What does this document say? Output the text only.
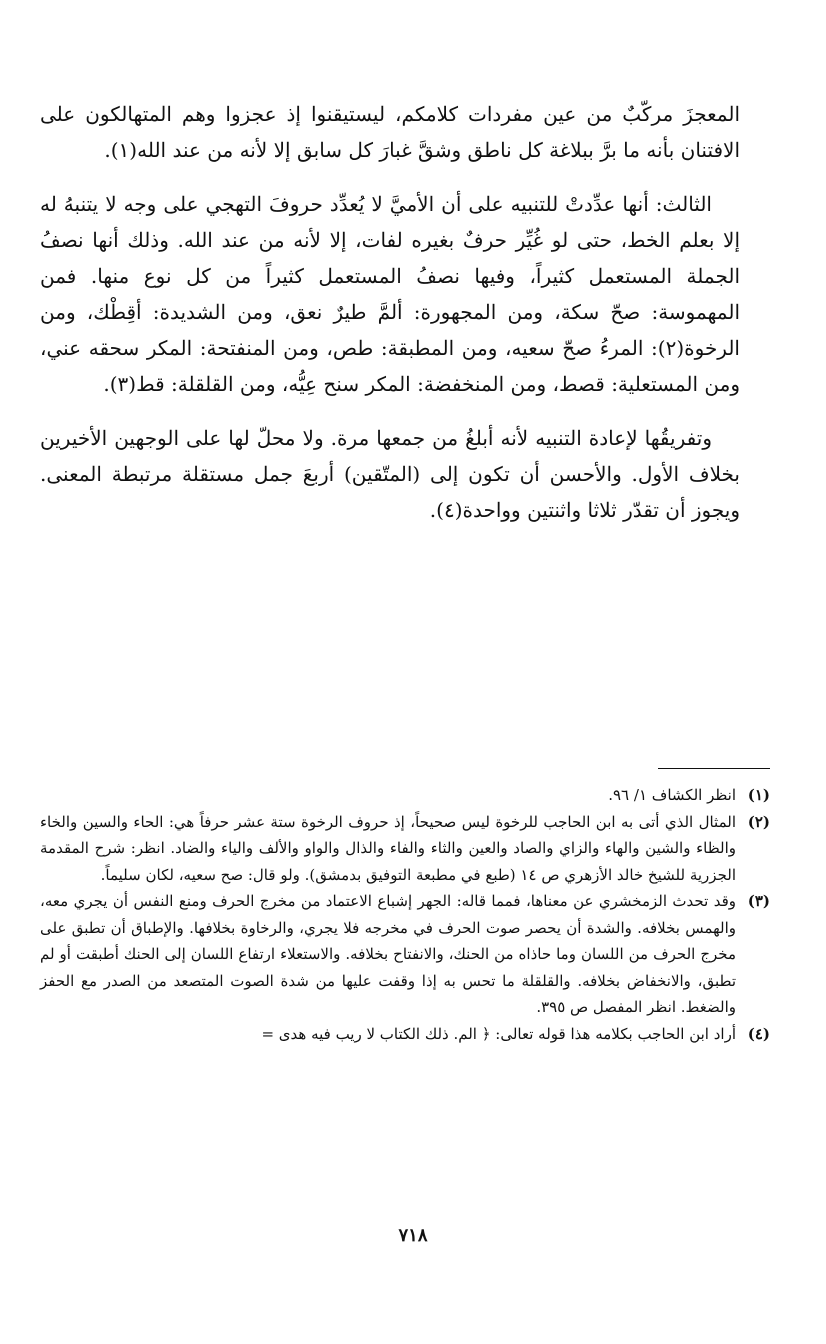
المعجزَ مركّبٌ من عين مفردات كلامكم، ليستيقنوا إذ عجزوا وهم المتهالكون على الافتنان بأنه ما برَّ ببلاغة كل ناطق وشقَّ غبارَ كل سابق إلا لأنه من عند الله(١).

الثالث: أنها عدِّدتْ للتنبيه على أن الأميَّ لا يُعدِّد حروفَ التهجي على وجه لا يتنبهُ له إلا بعلم الخط، حتى لو غُيِّر حرفٌ بغيره لفات، إلا لأنه من عند الله. وذلك أنها نصفُ الجملة المستعمل كثيراً، وفيها نصفُ المستعمل كثيراً من كل نوع منها. فمن المهموسة: صحّ سكة، ومن المجهورة: ألمَّ طيرٌ نعق، ومن الشديدة: أقِطْك، ومن الرخوة(٢): المرءُ صحّ سعيه، ومن المطبقة: طص، ومن المنفتحة: المكر سحقه عني، ومن المستعلية: قصط، ومن المنخفضة: المكر سنح عِيُّه، ومن القلقلة: قط(٣).

وتفريقُها لإعادة التنبيه لأنه أبلغُ من جمعها مرة. ولا محلّ لها على الوجهين الأخيرين بخلاف الأول. والأحسن أن تكون إلى (المتّقين) أربعَ جمل مستقلة مرتبطة المعنى. ويجوز أن تقدّر ثلاثا واثنتين وواحدة(٤).

(١)
انظر الكشاف ١/ ٩٦.

(٢)
المثال الذي أتى به ابن الحاجب للرخوة ليس صحيحاً، إذ حروف الرخوة ستة عشر حرفاً هي: الحاء والسين والخاء والظاء والشين والهاء والزاي والصاد والعين والثاء والفاء والذال والواو والألف والياء والضاد. انظر: شرح المقدمة الجزرية للشيخ خالد الأزهري ص ١٤ (طبع في مطبعة التوفيق بدمشق). ولو قال: صح سعيه، لكان سليماً.

(٣)
وقد تحدث الزمخشري عن معناها، فمما قاله: الجهر إشباع الاعتماد من مخرج الحرف ومنع النفس أن يجري معه، والهمس بخلافه. والشدة أن يحصر صوت الحرف في مخرجه فلا يجري، والرخاوة بخلافها. والإطباق أن تطبق على مخرج الحرف من اللسان وما حاذاه من الحنك، والانفتاح بخلافه. والاستعلاء ارتفاع اللسان إلى الحنك أطبقت أو لم تطبق، والانخفاض بخلافه. والقلقلة ما تحس به إذا وقفت عليها من شدة الصوت المتصعد من الصدر مع الحفز والضغط. انظر المفصل ص ٣٩٥.

(٤)
أراد ابن الحاجب بكلامه هذا قوله تعالى: ﴿ الم. ذلك الكتاب لا ريب فيه هدى =

٧١٨
